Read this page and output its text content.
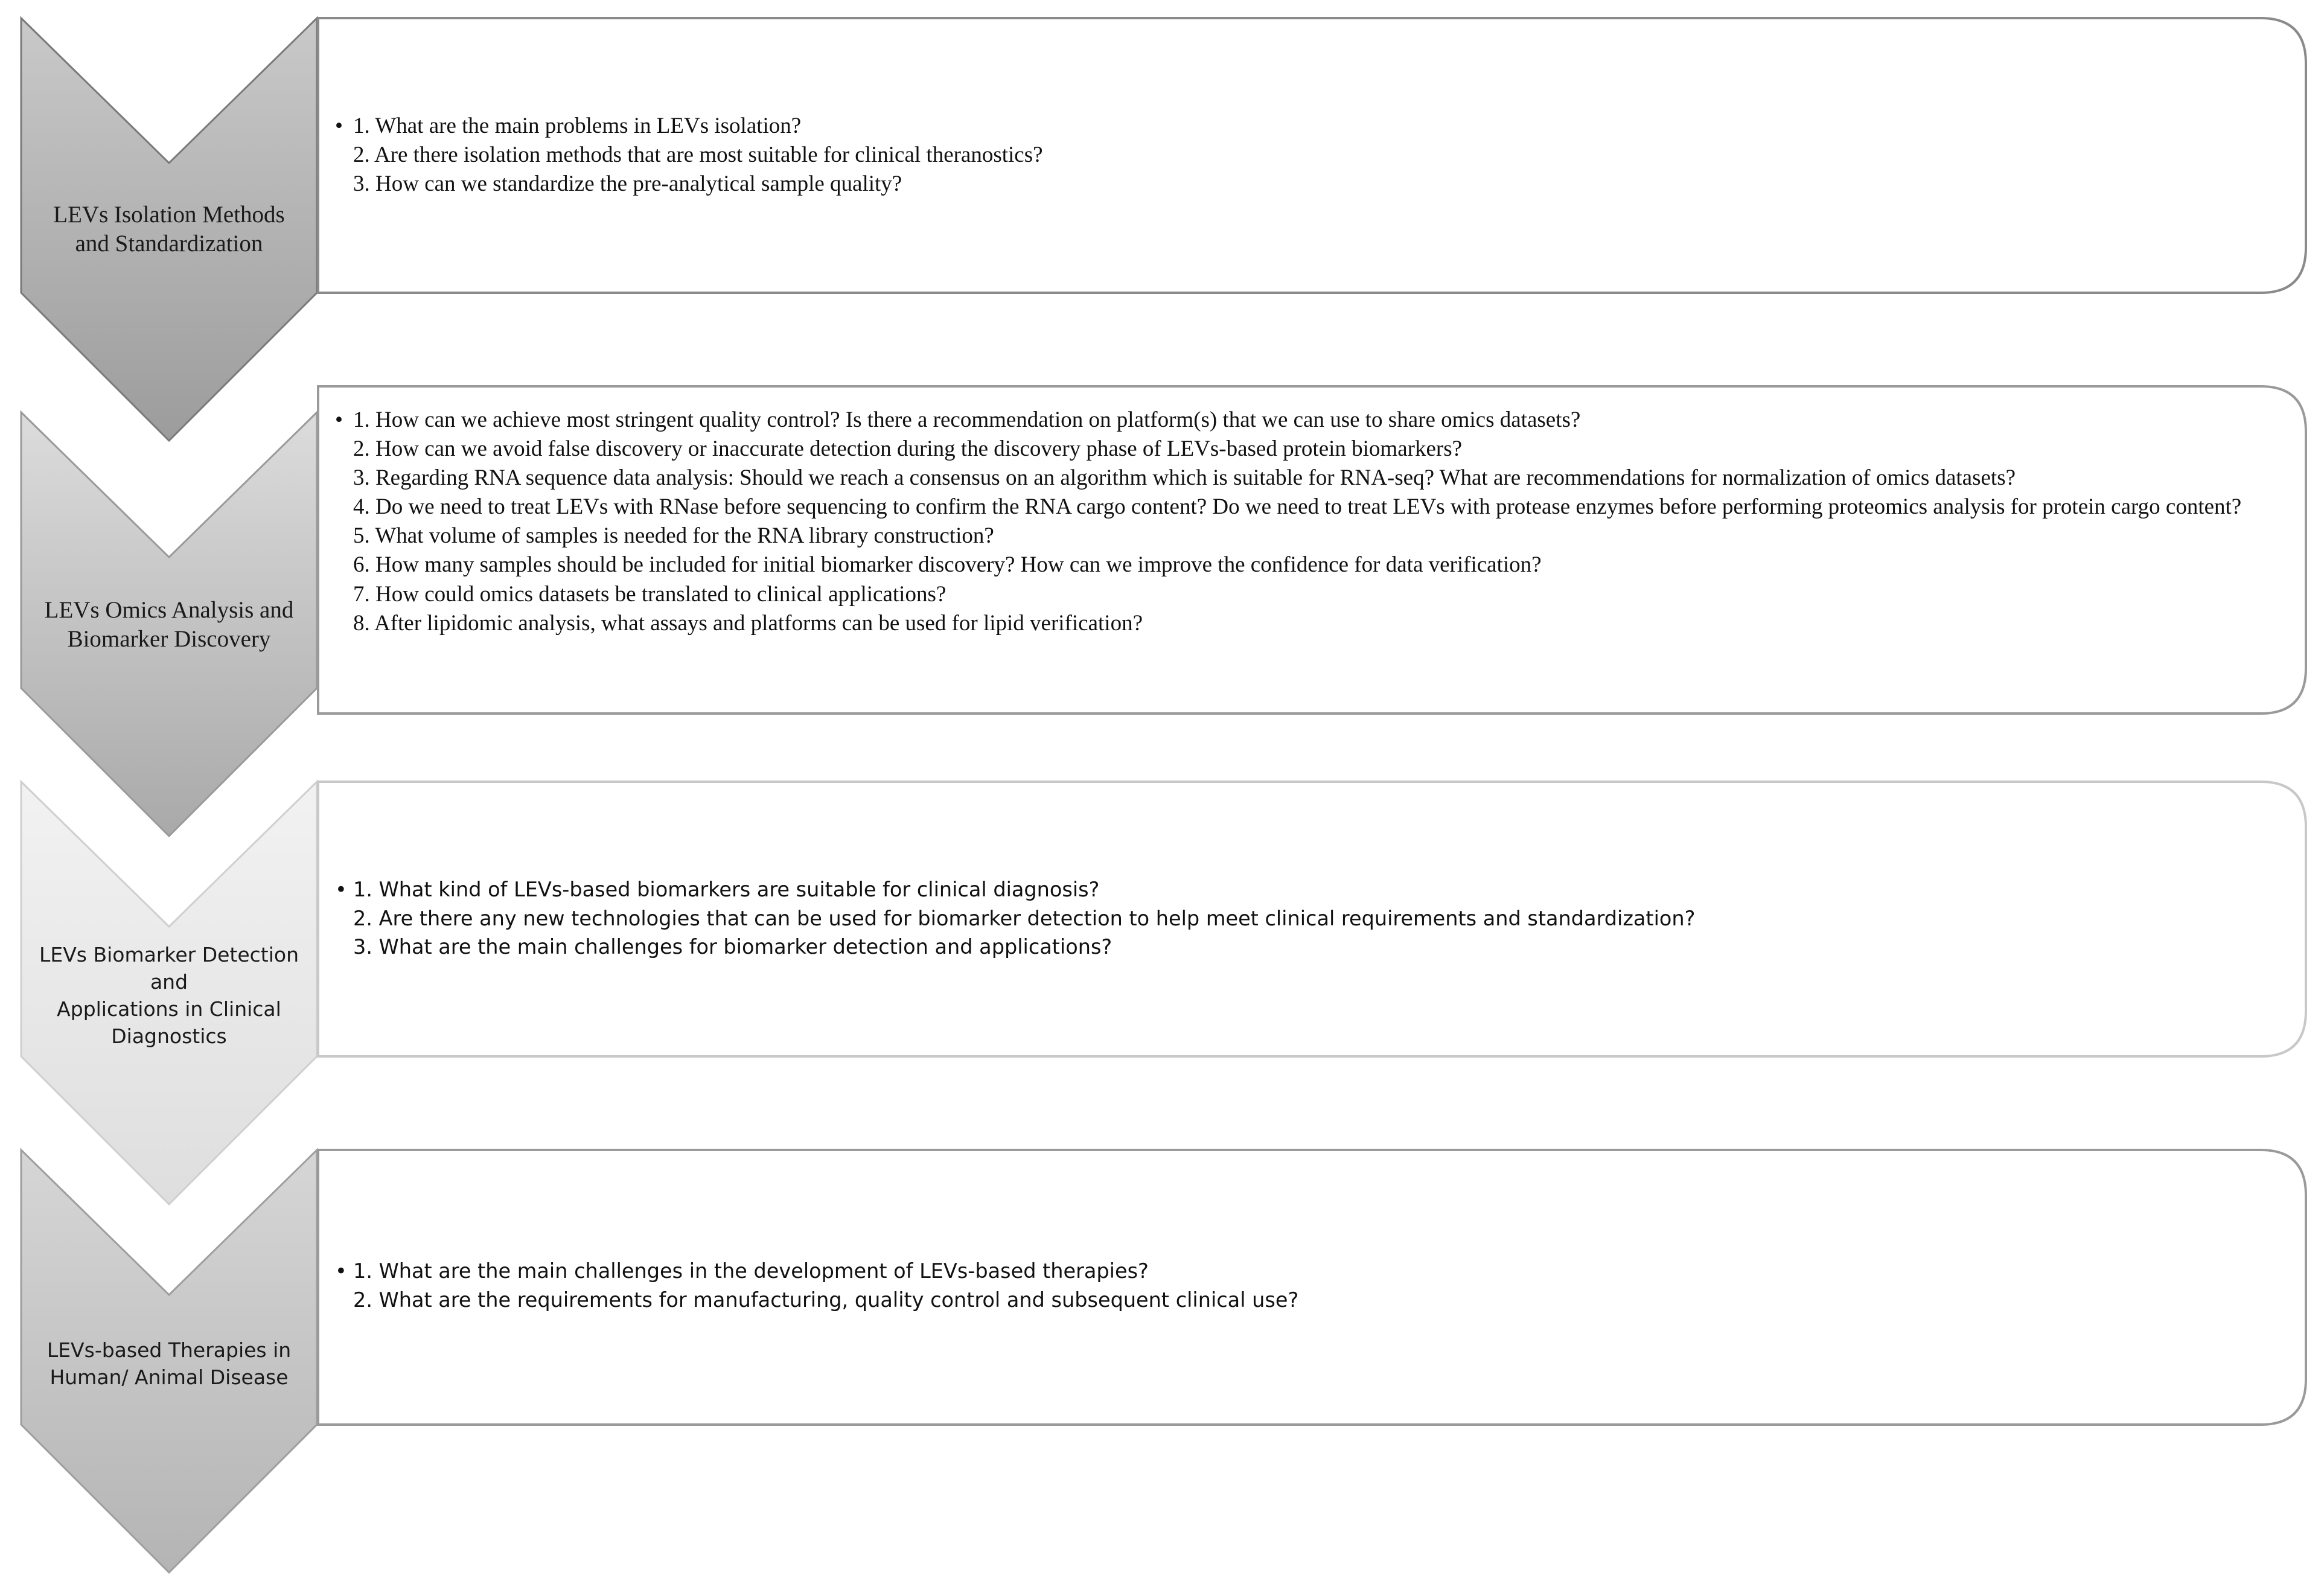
LEVs Isolation Methods
and Standardization
LEVs Omics Analysis and
Biomarker Discovery
LEVs Biomarker Detection and
Applications in Clinical
Diagnostics
LEVs-based Therapies in
Human/ Animal Disease
• 1. What are the main problems in LEVs isolation?
2. Are there isolation methods that are most suitable for clinical theranostics?
3. How can we standardize the pre-analytical sample quality?
• 1. How can we achieve most stringent quality control? Is there a recommendation on platform(s) that we can use to share omics datasets?
2. How can we avoid false discovery or inaccurate detection during the discovery phase of LEVs-based protein biomarkers?
3. Regarding RNA sequence data analysis: Should we reach a consensus on an algorithm which is suitable for RNA-seq? What are recommendations for normalization of omics datasets?
4. Do we need to treat LEVs with RNase before sequencing to confirm the RNA cargo content? Do we need to treat LEVs with protease enzymes before performing proteomics analysis for protein cargo content?
5. What volume of samples is needed for the RNA library construction?
6. How many samples should be included for initial biomarker discovery? How can we improve the confidence for data verification?
7. How could omics datasets be translated to clinical applications?
8. After lipidomic analysis, what assays and platforms can be used for lipid verification?
• 1. What kind of LEVs-based biomarkers are suitable for clinical diagnosis?
2. Are there any new technologies that can be used for biomarker detection to help meet clinical requirements and standardization?
3. What are the main challenges for biomarker detection and applications?
• 1. What are the main challenges in the development of LEVs-based therapies?
2. What are the requirements for manufacturing, quality control and subsequent clinical use?
